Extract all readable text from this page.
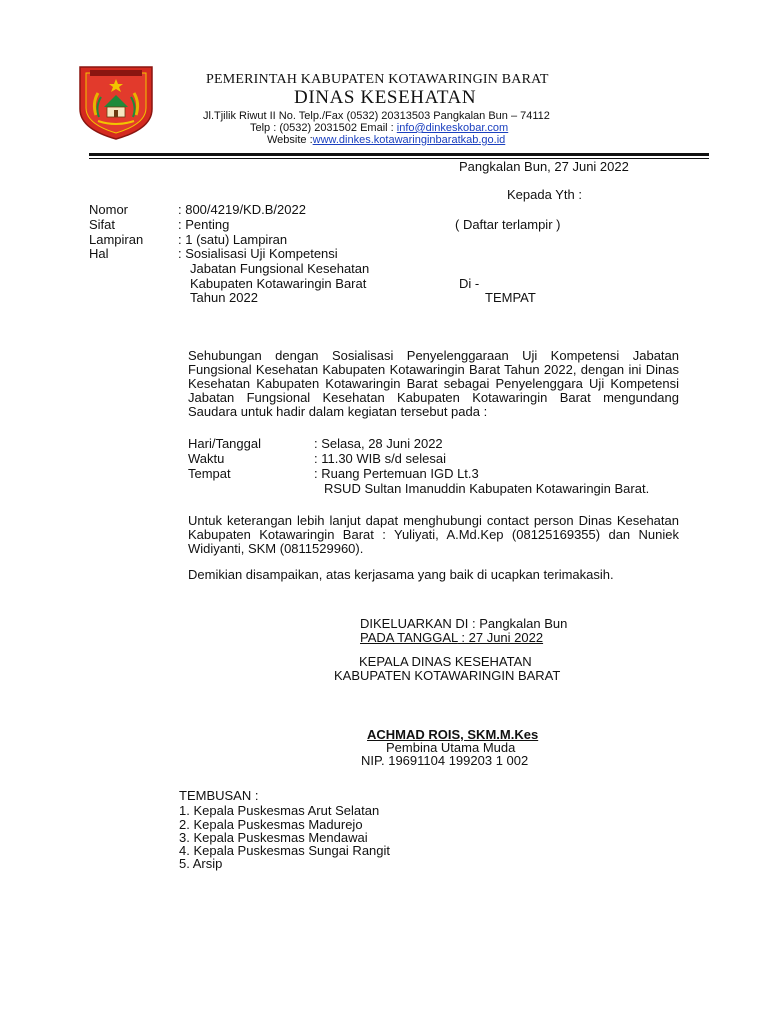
PEMERINTAH KABUPATEN KOTAWARINGIN BARAT
DINAS KESEHATAN
Jl.Tjilik Riwut II No. Telp./Fax (0532) 20313503 Pangkalan Bun – 74112
Telp : (0532) 2031502 Email : info@dinkeskobar.com
Website :www.dinkes.kotawaringinbaratkab.go.id
Pangkalan Bun, 27 Juni 2022
Kepada Yth :
( Daftar terlampir )
Di -
TEMPAT
Nomor	: 800/4219/KD.B/2022
Sifat	: Penting
Lampiran	: 1 (satu) Lampiran
Hal	: Sosialisasi Uji Kompetensi
Jabatan Fungsional Kesehatan
Kabupaten Kotawaringin Barat
Tahun 2022
Sehubungan dengan Sosialisasi Penyelenggaraan Uji Kompetensi Jabatan Fungsional Kesehatan Kabupaten Kotawaringin Barat Tahun 2022, dengan ini Dinas Kesehatan Kabupaten Kotawaringin Barat sebagai Penyelenggara Uji Kompetensi Jabatan Fungsional Kesehatan Kabupaten Kotawaringin Barat mengundang Saudara untuk hadir dalam kegiatan tersebut pada :
Hari/Tanggal	: Selasa, 28 Juni 2022
Waktu	: 11.30 WIB s/d selesai
Tempat	: Ruang Pertemuan IGD Lt.3
RSUD Sultan Imanuddin Kabupaten Kotawaringin Barat.
Untuk keterangan lebih lanjut dapat menghubungi contact person Dinas Kesehatan Kabupaten Kotawaringin Barat : Yuliyati, A.Md.Kep (08125169355) dan Nuniek Widiyanti, SKM (0811529960).
Demikian disampaikan, atas kerjasama yang baik di ucapkan terimakasih.
DIKELUARKAN DI : Pangkalan Bun
PADA TANGGAL : 27 Juni 2022
KEPALA DINAS KESEHATAN
KABUPATEN KOTAWARINGIN BARAT
ACHMAD ROIS, SKM.M.Kes
Pembina Utama Muda
NIP. 19691104 199203 1 002
TEMBUSAN :
1. Kepala Puskesmas Arut Selatan
2. Kepala Puskesmas Madurejo
3. Kepala Puskesmas Mendawai
4. Kepala Puskesmas Sungai Rangit
5. Arsip
